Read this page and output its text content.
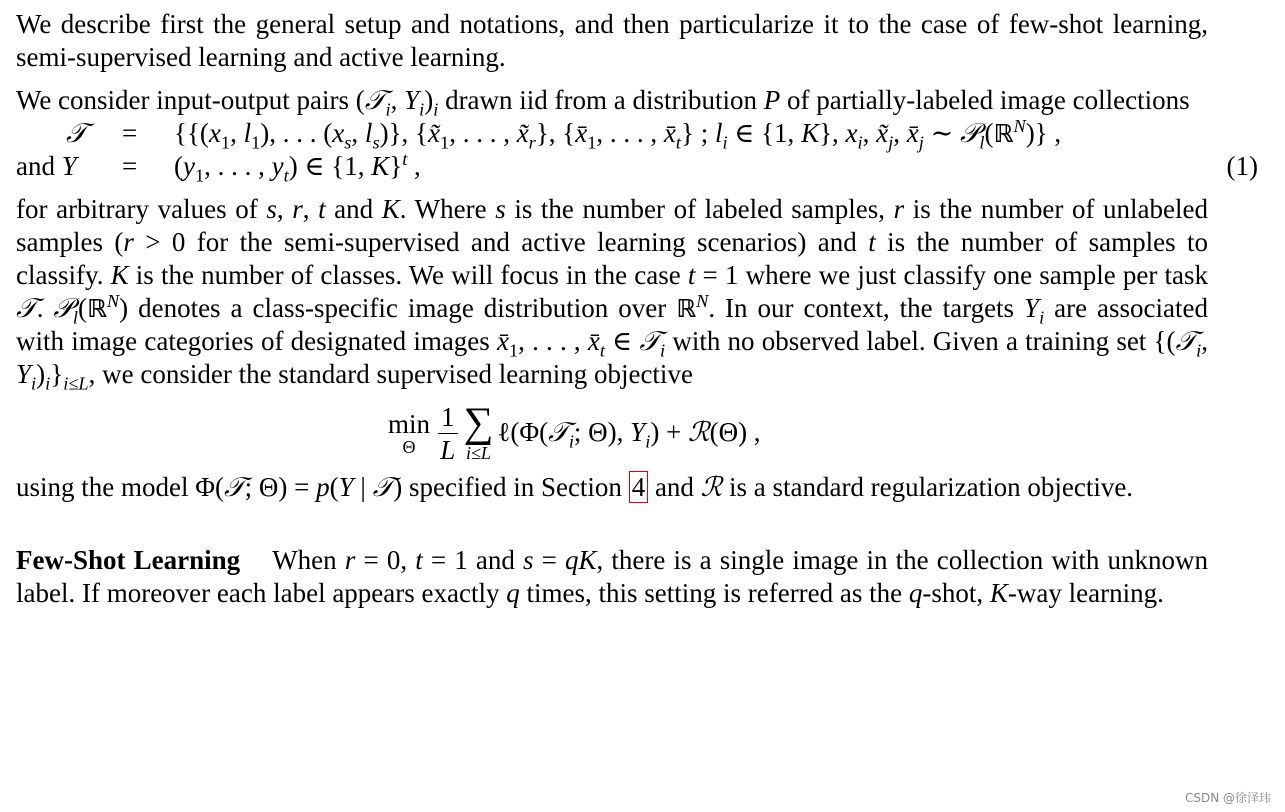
We describe first the general setup and notations, and then particularize it to the case of few-shot learning, semi-supervised learning and active learning.

We consider input-output pairs (𝒯$_i$, $Y_i)_i$ drawn iid from a distribution P of partially-labeled image collections

𝒯 = {{($x_1$, $l_1$), . . . ($x_s$, $l_s$)}, {$x̃_1$, . . . , $x̃_r$}, {$x̄_1$, . . . , $x̄_t$} ; $l_i$ ∈ {1, K}, $x_i$, $x̃_j$, $x̄_j$ ∼ 𝒫$_l$(ℝ$^N$)} ,
and $Y = (y_1$, . . . , $y_t$) ∈ {1, K}$^t$ ,	(1)

for arbitrary values of s, r, t and K. Where s is the number of labeled samples, r is the number of unlabeled samples (r > 0 for the semi-supervised and active learning scenarios) and t is the number of samples to classify. K is the number of classes. We will focus in the case t = 1 where we just classify one sample per task 𝒯. 𝒫$_l$(ℝ$^N$) denotes a class-specific image distribution over ℝ$^N$. In our context, the targets $Y_i$ are associated with image categories of designated images $x̄_1$, . . . , $x̄_t$ ∈ 𝒯$_i$ with no observed label. Given a training set {(𝒯$_i$, $Y_i)_i\}_{i\le L}$, we consider the standard supervised learning objective

min
Θ $\frac{1}{L}$ ∑
i≤L
ℓ(Φ(𝒯$_i$; Θ), $Y_i$) + ℛ(Θ) ,

using the model Φ(𝒯; Θ) = p(Y | 𝒯) specified in Section 4 and ℛ is a standard regularization objective.

Few-Shot Learning    When r = 0, t = 1 and s = qK, there is a single image in the collection with unknown label. If moreover each label appears exactly q times, this setting is referred as the q-shot, K-way learning.

CSDN @徐泽玮
